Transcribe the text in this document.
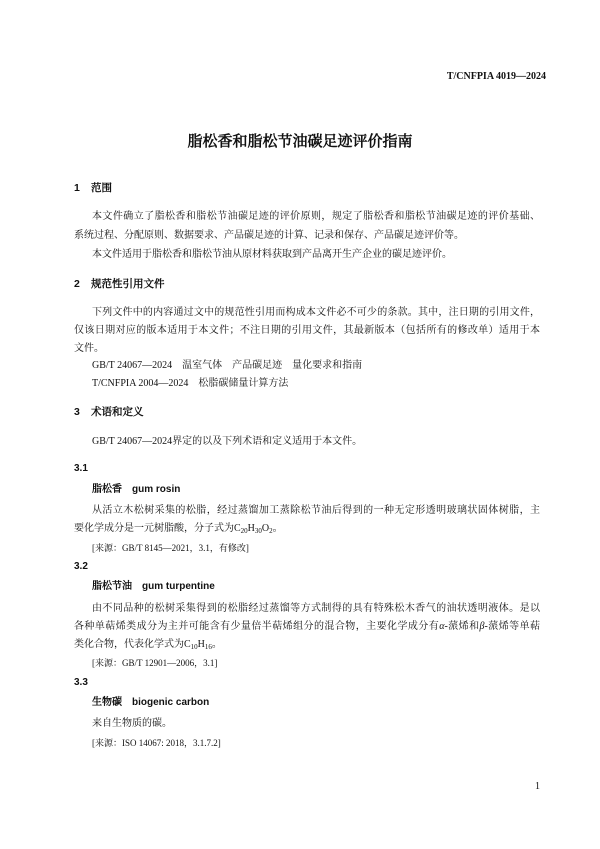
T/CNFPIA 4019—2024
脂松香和脂松节油碳足迹评价指南
1 范围
本文件确立了脂松香和脂松节油碳足迹的评价原则，规定了脂松香和脂松节油碳足迹的评价基础、
系统过程、分配原则、数据要求、产品碳足迹的计算、记录和保存、产品碳足迹评价等。
本文件适用于脂松香和脂松节油从原材料获取到产品离开生产企业的碳足迹评价。
2 规范性引用文件
下列文件中的内容通过文中的规范性引用而构成本文件必不可少的条款。其中，注日期的引用文件，
仅该日期对应的版本适用于本文件；不注日期的引用文件，其最新版本（包括所有的修改单）适用于本
文件。
GB/T 24067—2024　温室气体　产品碳足迹　量化要求和指南
T/CNFPIA 2004—2024　松脂碳储量计算方法
3 术语和定义
GB/T 24067—2024界定的以及下列术语和定义适用于本文件。
3.1
脂松香 gum rosin
从活立木松树采集的松脂，经过蒸馏加工蒸除松节油后得到的一种无定形透明玻璃状固体树脂，主
要化学成分是一元树脂酸，分子式为$C_{20}H_{30}O_2$。
[来源：GB/T 8145—2021，3.1，有修改]
3.2
脂松节油 gum turpentine
由不同品种的松树采集得到的松脂经过蒸馏等方式制得的具有特殊松木香气的油状透明液体。是以
各种单萜烯类成分为主并可能含有少量倍半萜烯组分的混合物，主要化学成分有α-蒎烯和β-蒎烯等单萜
类化合物，代表化学式为$C_{10}H_{16}$。
[来源：GB/T 12901—2006，3.1]
3.3
生物碳 biogenic carbon
来自生物质的碳。
[来源：ISO 14067: 2018，3.1.7.2]
1
